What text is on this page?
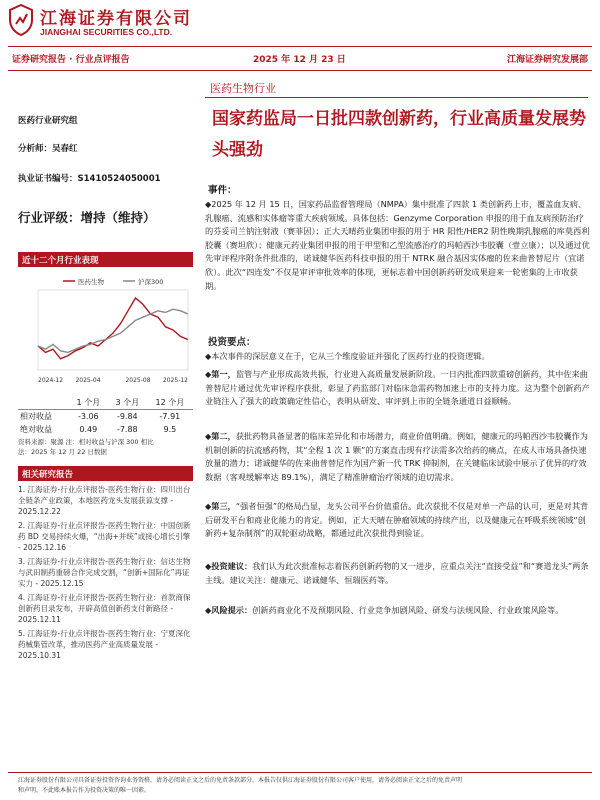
江海证券有限公司
JIANGHAI SECURITIES CO.,LTD.
证券研究报告 · 行业点评报告	2025 年 12 月 23 日	江海证券研究发展部
医药行业研究组
分析师：吴春红
执业证书编号：S1410524050001
行业评级：增持（维持）
近十二个月行业表现
医药生物	沪深300
2024-12 2025-04	2025-08 2025-12
	1 个月	3 个月	12 个月
相对收益	-3.06	-9.84	-7.91
绝对收益	0.49	-7.88	9.5
资料来源：聚源 注：相对收益与沪深 300 相比
法：2025 年 12 月 22 日数据
相关研究报告
1. 江海证券-行业点评报告-医药生物行业：四川出台全链条产业政策，本地医药龙头发展获谅支撑 - 2025.12.22
2. 江海证券-行业点评报告-医药生物行业：中国创新药 BD 交易持续火爆，“出海+并统”或接心增长引擎 - 2025.12.16
3. 江海证券-行业点评报告-医药生物行业：信达生物与武田制药重磅合作完成交割，“创新+国际化”再证实力 - 2025.12.15
4. 江海证券-行业点评报告-医药生物行业：首款商保创新药目录发布，开辟高值创新药支付新路径 - 2025.12.11
5. 江海证券-行业点评报告-医药生物行业：宁夏深化药械集管改革，推动医药产业高质量发展 - 2025.10.31
医药生物行业
国家药监局一日批四款创新药，行业高质量发展势头强劲
事件：
◆2025 年 12 月 15 日，国家药品监督管理局（NMPA）集中批准了四款 1 类创新药上市，覆盖血友病、乳腺癌、流感和实体瘤等重大疾病领域。具体包括：Genzyme Corporation 申报的用于血友病预防治疗的芬妥司兰钠注射液（赛菲因）；正大天晴药业集团申报的用于 HR 阳性/HER2 阴性晚期乳腺癌的库莫西利胶囊（赛坦欣）；健康元药业集团申报的用于甲型和乙型流感治疗的玛帕西沙韦胶囊（壹立康）；以及通过优先审评程序附条件批准的，诺诚健华医药科技申报的用于 NTRK 融合基因实体瘤的佐来曲普替尼片（宜诺欣）。此次“四连发”不仅是审评审批效率的体现，更标志着中国创新药研发成果迎来一轮密集的上市收获期。
投资要点：
◆本次事件的深层意义在于，它从三个维度验证并强化了医药行业的投资逻辑。
◆第一，监管与产业形成高效共振，行业进入高质量发展新阶段。一日内批准四款重磅创新药，其中佐来曲普替尼片通过优先审评程序获批，彰显了药监部门对临床急需药物加速上市的支持力度。这为整个创新药产业链注入了强大的政策确定性信心，表明从研发、审评到上市的全链条通道日益顺畅。
◆第二，获批药物具备显著的临床差异化和市场潜力，商业价值明确。例如，健康元的玛帕西沙韦胶囊作为机制创新的抗流感药物，其“全程 1 次 1 颗”的方案直击现有疗法需多次给药的痛点，在成人市场具备快速放量的潜力；诺诚健华的佐来曲普替尼作为国产新一代 TRK 抑制剂，在关键临床试验中展示了优异的疗效数据（客观缓解率达 89.1%），满足了精准肿瘤治疗领域的迫切需求。
◆第三，“强者恒强”的格局凸显，龙头公司平台价值重估。此次获批不仅是对单一产品的认可，更是对其背后研发平台和商业化能力的肯定。例如，正大天晴在肿瘤领域的持续产出，以及健康元在呼吸系统领域“创新药+复杂制剂”的双轮驱动战略，都通过此次获批得到验证。
◆投资建议：我们认为此次批准标志着医药创新药物的又一进步，应重点关注“直接受益”和“赛道龙头”两条主线。建议关注：健康元、诺诚健华、恒瑞医药等。
◆风险提示：创新药商业化不及预期风险、行业竞争加剧风险、研发与法规风险、行业政策风险等。
江海证券股份有限公司具备证券投资咨询业务资格，请务必阅读正文之后的免责条款部分。本报告仅供江海证券股份有限公司客户使用，请务必阅读正文之后的免责声明
和声明，不此账本报告作为投资决策的唯一因素。
